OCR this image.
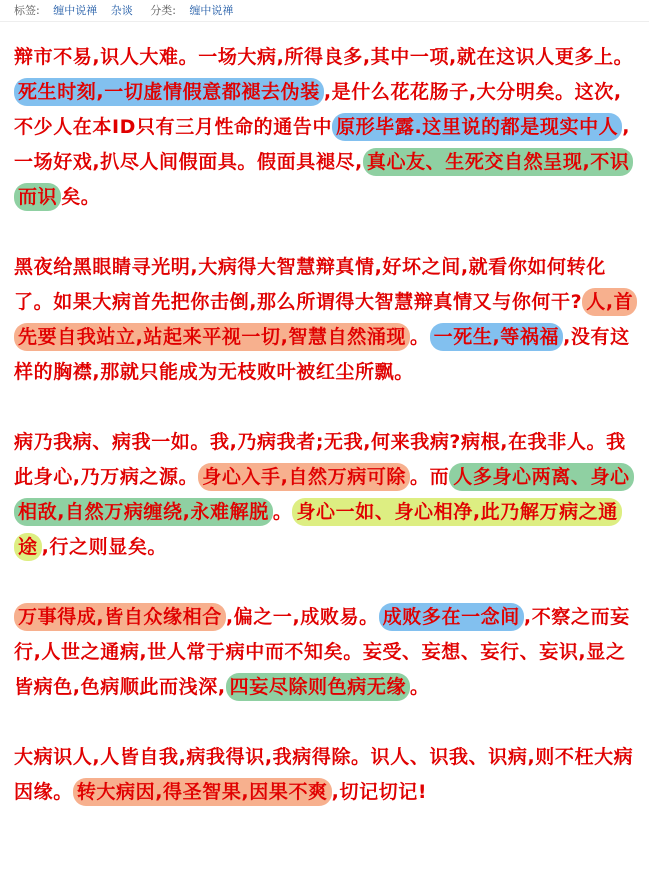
标签: 缠中说禅 杂谈 分类: 缠中说禅

辩市不易,识人大难。一场大病,所得良多,其中一项,就在这识人更多上。死生时刻,一切虚情假意都褪去伪装 ,是什么花花肠子,大分明矣。这次,不少人在本ID只有三月性命的通告中 原形毕露.这里说的都是现实中人 ,一场好戏,扒尽人间假面具。假面具褪尽, 真心友、生死交自然呈现,不识而识 矣。

黑夜给黑眼睛寻光明,大病得大智慧辩真情,好坏之间,就看你如何转化了。如果大病首先把你击倒,那么所谓得大智慧辩真情又与你何干? 人,首先要自我站立,站起来平视一切,智慧自然涌现 。 一死生,等祸福 ,没有这样的胸襟,那就只能成为无枝败叶被红尘所飘。

病乃我病、病我一如。我,乃病我者;无我,何来我病?病根,在我非人。我此身心,乃万病之源。 身心入手,自然万病可除 。而 人多身心两离、身心相敌,自然万病缠绕,永难解脱 。 身心一如、身心相净,此乃解万病之通途 ,行之则显矣。

万事得成,皆自众缘相合 ,偏之一,成败易。 成败多在一念间 ,不察之而妄行,人世之通病,世人常于病中而不知矣。妄受、妄想、妄行、妄识,显之皆病色,色病顺此而浅深, 四妄尽除则色病无缘 。

大病识人,人皆自我,病我得识,我病得除。识人、识我、识病,则不枉大病因缘。 转大病因,得圣智果,因果不爽 ,切记切记!
